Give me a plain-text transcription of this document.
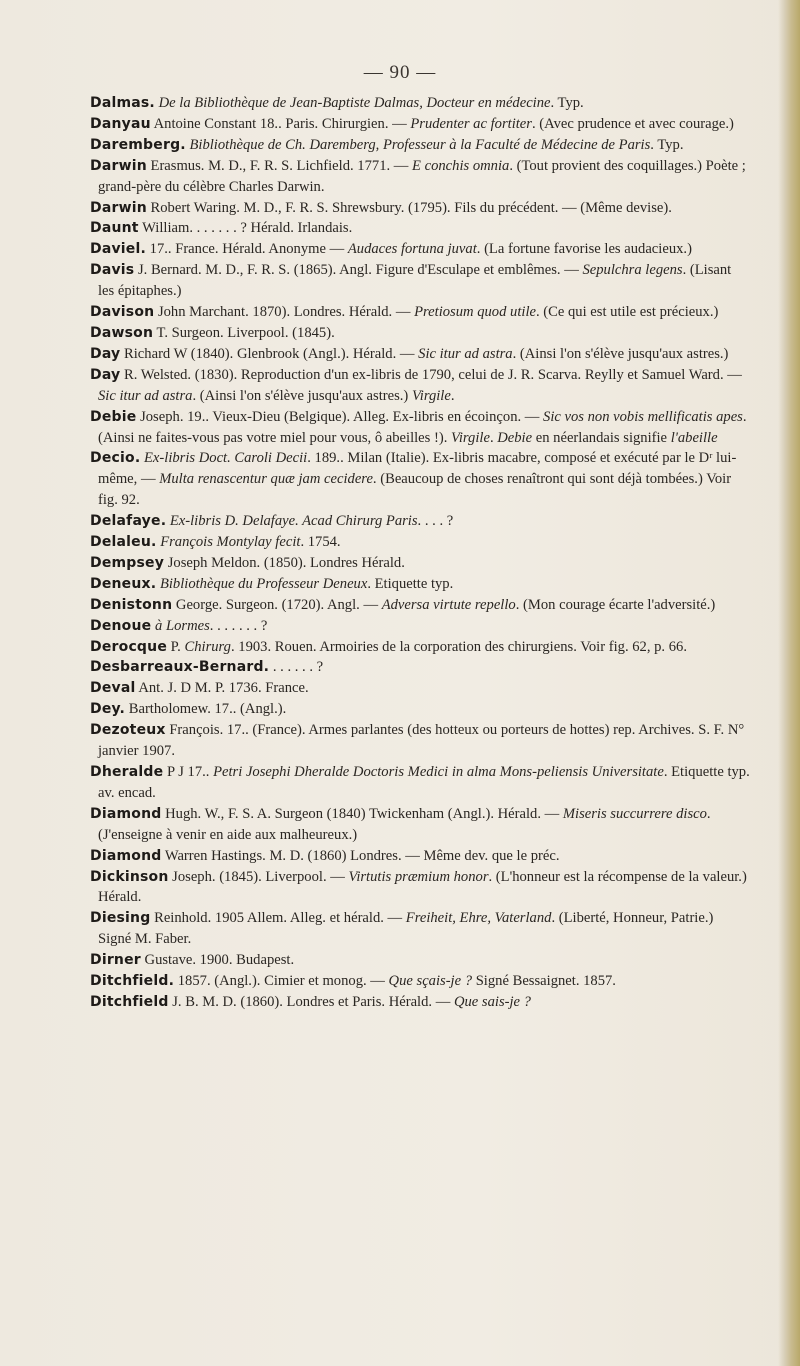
— 90 —

Dalmas. De la Bibliothèque de Jean-Baptiste Dalmas, Docteur en médecine. Typ.

Danyau Antoine Constant 18.. Paris. Chirurgien. — Prudenter ac fortiter. (Avec prudence et avec courage.)

Daremberg. Bibliothèque de Ch. Daremberg, Professeur à la Faculté de Médecine de Paris. Typ.

Darwin Erasmus. M. D., F. R. S. Lichfield. 1771. — E conchis omnia. (Tout provient des coquillages.) Poète ; grand-père du célèbre Charles Darwin.

Darwin Robert Waring. M. D., F. R. S. Shrewsbury. (1795). Fils du précédent. — (Même devise).

Daunt William. . . . . . . ? Hérald. Irlandais.

Daviel. 17.. France. Hérald. Anonyme — Audaces fortuna juvat. (La fortune favorise les audacieux.)

Davis J. Bernard. M. D., F. R. S. (1865). Angl. Figure d'Esculape et emblêmes. — Sepulchra legens. (Lisant les épitaphes.)

Davison John Marchant. 1870). Londres. Hérald. — Pretiosum quod utile. (Ce qui est utile est précieux.)

Dawson T. Surgeon. Liverpool. (1845).

Day Richard W (1840). Glenbrook (Angl.). Hérald. — Sic itur ad astra. (Ainsi l'on s'élève jusqu'aux astres.)

Day R. Welsted. (1830). Reproduction d'un ex-libris de 1790, celui de J. R. Scarva. Reylly et Samuel Ward. — Sic itur ad astra. (Ainsi l'on s'élève jusqu'aux astres.) Virgile.

Debie Joseph. 19.. Vieux-Dieu (Belgique). Alleg. Ex-libris en écoinçon. — Sic vos non vobis mellificatis apes. (Ainsi ne faites-vous pas votre miel pour vous, ô abeilles !). Virgile. Debie en néerlandais signifie l'abeille

Decio. Ex-libris Doct. Caroli Decii. 189.. Milan (Italie). Ex-libris macabre, composé et exécuté par le Dʳ lui-même, — Multa renascentur quæ jam cecidere. (Beaucoup de choses renaîtront qui sont déjà tombées.) Voir fig. 92.

Delafaye. Ex-libris D. Delafaye. Acad Chirurg Paris. . . . ?

Delaleu. François Montylay fecit. 1754.

Dempsey Joseph Meldon. (1850). Londres Hérald.

Deneux. Bibliothèque du Professeur Deneux. Etiquette typ.

Denistonn George. Surgeon. (1720). Angl. — Adversa virtute repello. (Mon courage écarte l'adversité.)

Denoue à Lormes. . . . . . . ?

Derocque P. Chirurg. 1903. Rouen. Armoiries de la corporation des chirurgiens. Voir fig. 62, p. 66.

Desbarreaux-Bernard. . . . . . . ?

Deval Ant. J. D M. P. 1736. France.

Dey. Bartholomew. 17.. (Angl.).

Dezoteux François. 17.. (France). Armes parlantes (des hotteux ou porteurs de hottes) rep. Archives. S. F. N° janvier 1907.

Dheralde P J 17.. Petri Josephi Dheralde Doctoris Medici in alma Mons-peliensis Universitate. Etiquette typ. av. encad.

Diamond Hugh. W., F. S. A. Surgeon (1840) Twickenham (Angl.). Hérald. — Miseris succurrere disco. (J'enseigne à venir en aide aux malheureux.)

Diamond Warren Hastings. M. D. (1860) Londres. — Même dev. que le préc.

Dickinson Joseph. (1845). Liverpool. — Virtutis præmium honor. (L'honneur est la récompense de la valeur.) Hérald.

Diesing Reinhold. 1905 Allem. Alleg. et hérald. — Freiheit, Ehre, Vaterland. (Liberté, Honneur, Patrie.) Signé M. Faber.

Dirner Gustave. 1900. Budapest.

Ditchfield. 1857. (Angl.). Cimier et monog. — Que sçais-je ? Signé Bessaignet. 1857.

Ditchfield J. B. M. D. (1860). Londres et Paris. Hérald. — Que sais-je ?
